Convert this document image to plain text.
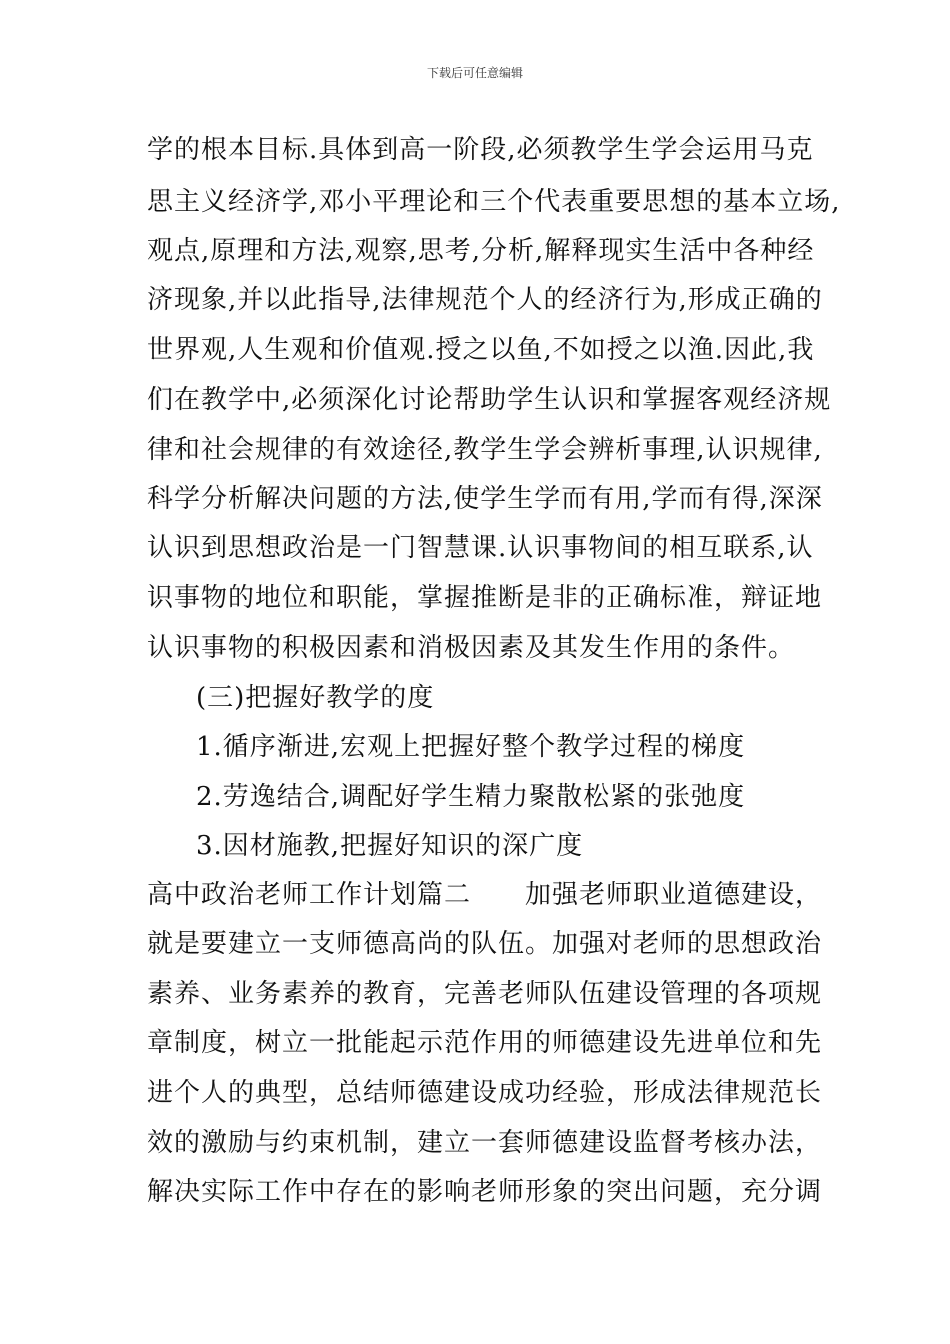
下载后可任意编辑
学的根本目标.具体到高一阶段,必须教学生学会运用马克
思主义经济学,邓小平理论和三个代表重要思想的基本立场,
观点,原理和方法,观察,思考,分析,解释现实生活中各种经
济现象,并以此指导,法律规范个人的经济行为,形成正确的
世界观,人生观和价值观.授之以鱼,不如授之以渔.因此,我
们在教学中,必须深化讨论帮助学生认识和掌握客观经济规
律和社会规律的有效途径,教学生学会辨析事理,认识规律,
科学分析解决问题的方法,使学生学而有用,学而有得,深深
认识到思想政治是一门智慧课.认识事物间的相互联系,认
识事物的地位和职能，掌握推断是非的正确标准，辩证地
认识事物的积极因素和消极因素及其发生作用的条件。
(三)把握好教学的度
1.循序渐进,宏观上把握好整个教学过程的梯度
2.劳逸结合,调配好学生精力聚散松紧的张弛度
3.因材施教,把握好知识的深广度
高中政治老师工作计划篇二　　加强老师职业道德建设，
就是要建立一支师德高尚的队伍。加强对老师的思想政治
素养、业务素养的教育，完善老师队伍建设管理的各项规
章制度，树立一批能起示范作用的师德建设先进单位和先
进个人的典型，总结师德建设成功经验，形成法律规范长
效的激励与约束机制，建立一套师德建设监督考核办法，
解决实际工作中存在的影响老师形象的突出问题，充分调
